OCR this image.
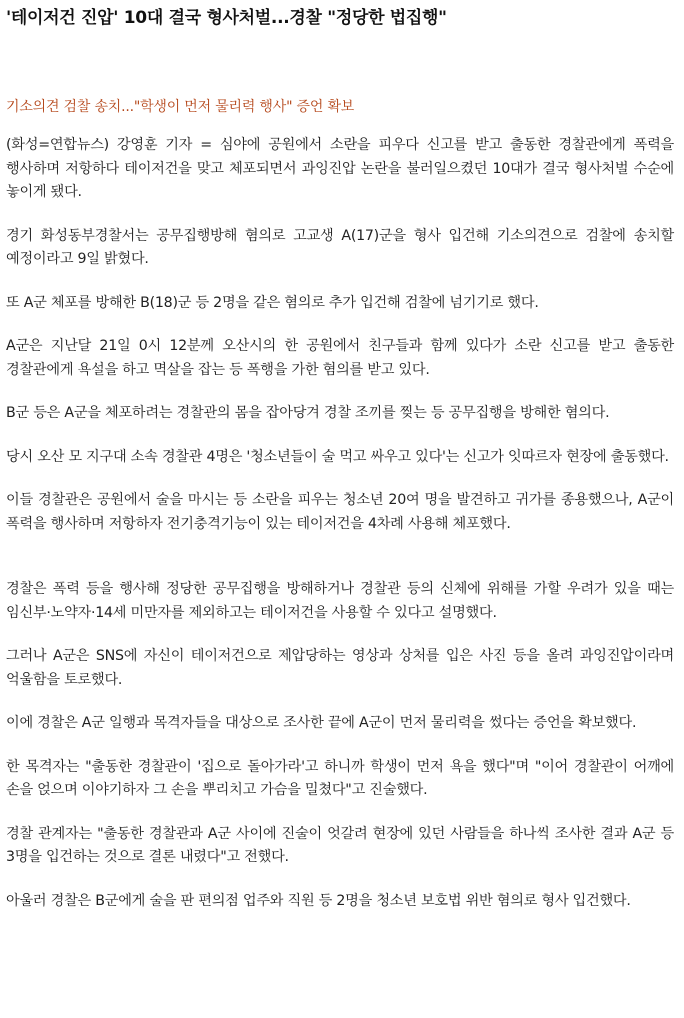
'테이저건 진압' 10대 결국 형사처벌...경찰 "정당한 법집행"
기소의견 검찰 송치..."학생이 먼저 물리력 행사" 증언 확보

(화성=연합뉴스) 강영훈 기자 = 심야에 공원에서 소란을 피우다 신고를 받고 출동한 경찰관에게 폭력을 행사하며 저항하다 테이저건을 맞고 체포되면서 과잉진압 논란을 불러일으켰던 10대가 결국 형사처벌 수순에 놓이게 됐다.

경기 화성동부경찰서는 공무집행방해 혐의로 고교생 A(17)군을 형사 입건해 기소의견으로 검찰에 송치할 예정이라고 9일 밝혔다.

또 A군 체포를 방해한 B(18)군 등 2명을 같은 혐의로 추가 입건해 검찰에 넘기기로 했다.

A군은 지난달 21일 0시 12분께 오산시의 한 공원에서 친구들과 함께 있다가 소란 신고를 받고 출동한 경찰관에게 욕설을 하고 멱살을 잡는 등 폭행을 가한 혐의를 받고 있다.

B군 등은 A군을 체포하려는 경찰관의 몸을 잡아당겨 경찰 조끼를 찢는 등 공무집행을 방해한 혐의다.

당시 오산 모 지구대 소속 경찰관 4명은 '청소년들이 술 먹고 싸우고 있다'는 신고가 잇따르자 현장에 출동했다.

이들 경찰관은 공원에서 술을 마시는 등 소란을 피우는 청소년 20여 명을 발견하고 귀가를 종용했으나, A군이 폭력을 행사하며 저항하자 전기충격기능이 있는 테이저건을 4차례 사용해 체포했다.

경찰은 폭력 등을 행사해 정당한 공무집행을 방해하거나 경찰관 등의 신체에 위해를 가할 우려가 있을 때는 임신부·노약자·14세 미만자를 제외하고는 테이저건을 사용할 수 있다고 설명했다.

그러나 A군은 SNS에 자신이 테이저건으로 제압당하는 영상과 상처를 입은 사진 등을 올려 과잉진압이라며 억울함을 토로했다.

이에 경찰은 A군 일행과 목격자들을 대상으로 조사한 끝에 A군이 먼저 물리력을 썼다는 증언을 확보했다.

한 목격자는 "출동한 경찰관이 '집으로 돌아가라'고 하니까 학생이 먼저 욕을 했다"며 "이어 경찰관이 어깨에 손을 얹으며 이야기하자 그 손을 뿌리치고 가슴을 밀쳤다"고 진술했다.

경찰 관계자는 "출동한 경찰관과 A군 사이에 진술이 엇갈려 현장에 있던 사람들을 하나씩 조사한 결과 A군 등 3명을 입건하는 것으로 결론 내렸다"고 전했다.

아울러 경찰은 B군에게 술을 판 편의점 업주와 직원 등 2명을 청소년 보호법 위반 혐의로 형사 입건했다.
